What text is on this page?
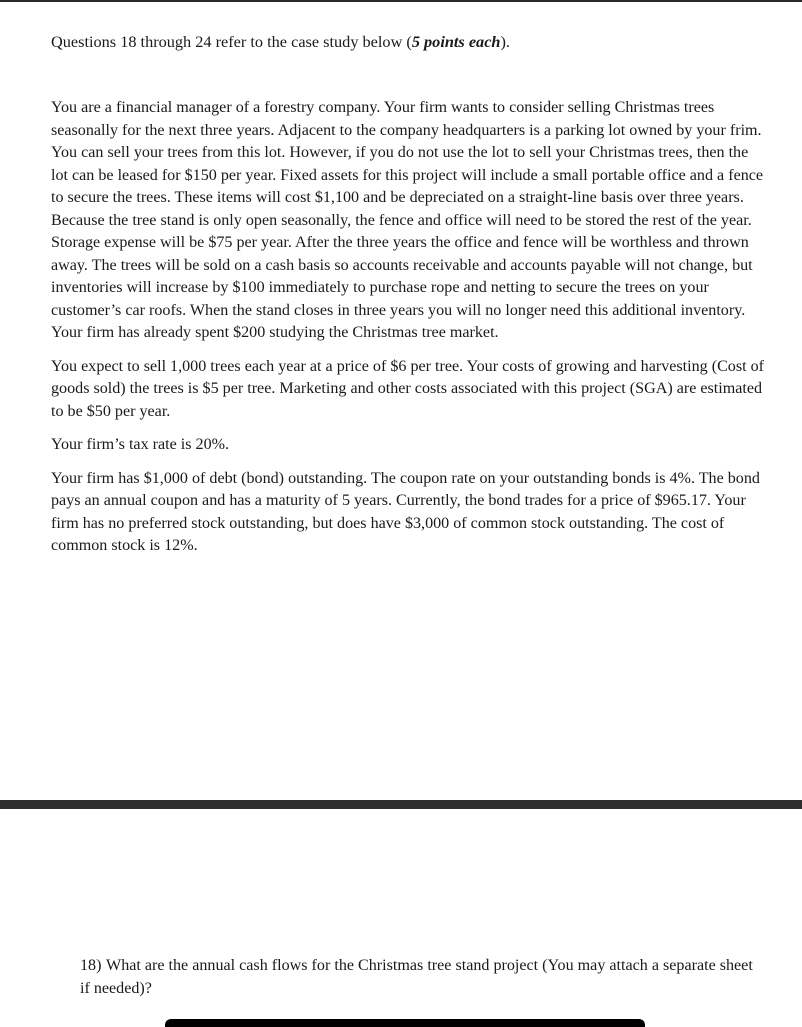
Questions 18 through 24 refer to the case study below (5 points each).

You are a financial manager of a forestry company. Your firm wants to consider selling Christmas trees seasonally for the next three years. Adjacent to the company headquarters is a parking lot owned by your frim. You can sell your trees from this lot. However, if you do not use the lot to sell your Christmas trees, then the lot can be leased for $150 per year. Fixed assets for this project will include a small portable office and a fence to secure the trees. These items will cost $1,100 and be depreciated on a straight-line basis over three years. Because the tree stand is only open seasonally, the fence and office will need to be stored the rest of the year. Storage expense will be $75 per year. After the three years the office and fence will be worthless and thrown away. The trees will be sold on a cash basis so accounts receivable and accounts payable will not change, but inventories will increase by $100 immediately to purchase rope and netting to secure the trees on your customer’s car roofs. When the stand closes in three years you will no longer need this additional inventory. Your firm has already spent $200 studying the Christmas tree market.

You expect to sell 1,000 trees each year at a price of $6 per tree. Your costs of growing and harvesting (Cost of goods sold) the trees is $5 per tree. Marketing and other costs associated with this project (SGA) are estimated to be $50 per year.

Your firm’s tax rate is 20%.

Your firm has $1,000 of debt (bond) outstanding. The coupon rate on your outstanding bonds is 4%. The bond pays an annual coupon and has a maturity of 5 years. Currently, the bond trades for a price of $965.17. Your firm has no preferred stock outstanding, but does have $3,000 of common stock outstanding. The cost of common stock is 12%.

18) What are the annual cash flows for the Christmas tree stand project (You may attach a separate sheet if needed)?
